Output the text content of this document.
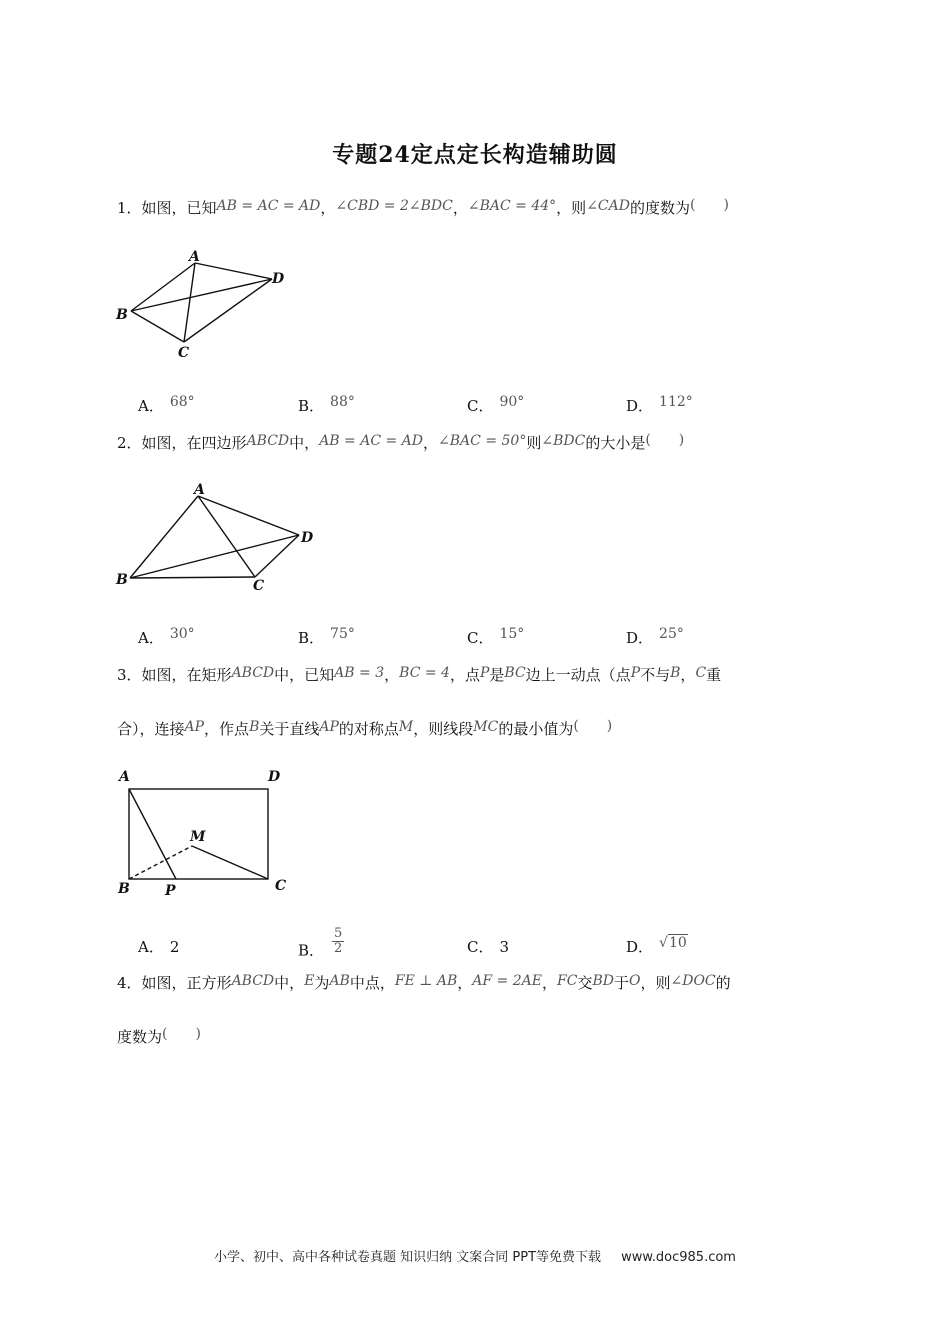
专题24定点定长构造辅助圆
1．如图，已知AB = AC = AD，∠CBD = 2∠BDC，∠BAC = 44°，则∠CAD的度数为(　　)
A
B
C
D
A． 68°	B． 88°	C． 90°	D． 112°
2．如图，在四边形ABCD中，AB = AC = AD，∠BAC = 50°则∠BDC的大小是(　　)
A
B	C
D
A． 30°	B． 75°	C． 15°	D． 25°
3．如图，在矩形ABCD中，已知AB = 3，BC = 4，点P是BC边上一动点（点P不与B，C重
合），连接AP，作点B关于直线AP的对称点M，则线段MC的最小值为(　　)
A	D
M
B	P	C
A． 2	B． $\frac{5}{2}$	C． 3	D． √10
4．如图，正方形ABCD中，E为AB中点，FE ⊥ AB，AF = 2AE，FC交BD于O，则∠DOC的
度数为(　　)
小学、初中、高中各种试卷真题 知识归纳 文案合同 PPT等免费下载 www.doc985.com
